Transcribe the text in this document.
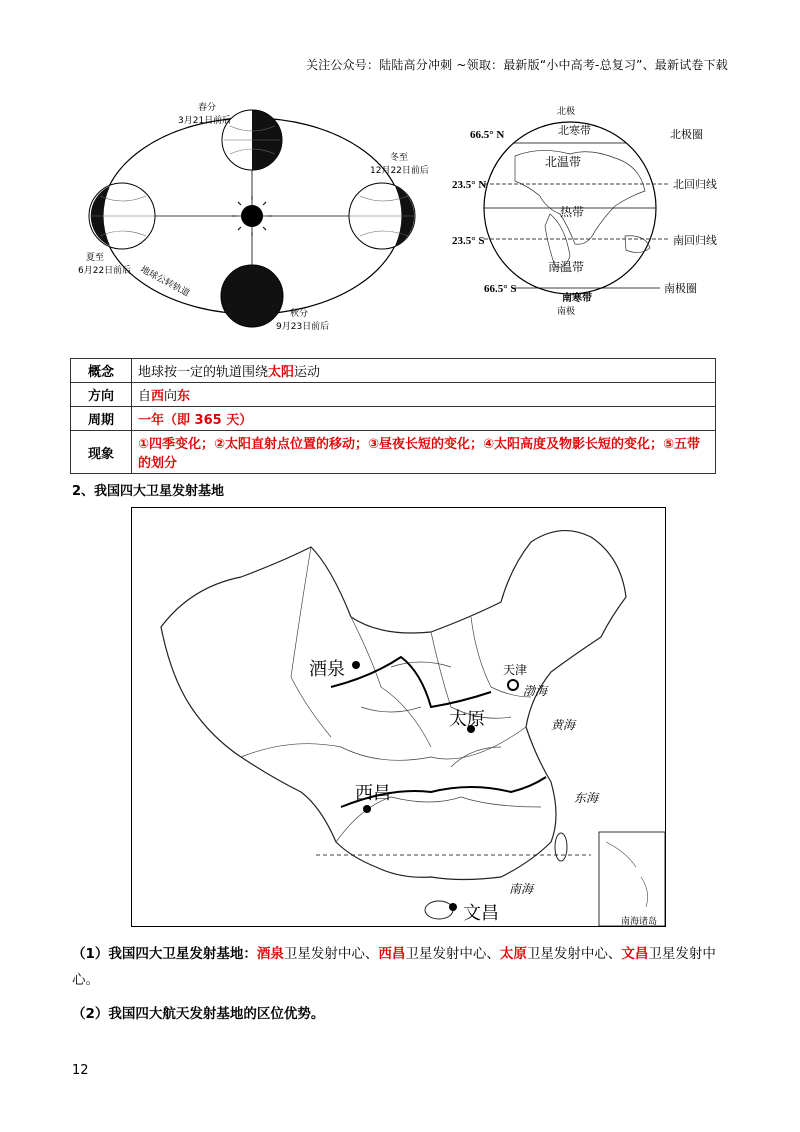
关注公众号：陆陆高分冲刺 ~领取：最新版“小中高考-总复习”、最新试卷下载
春分
3月21日前后
冬至
12月22日前后
夏至
6月22日前后
秋分
9月23日前后
地球公转轨道
北极
南极
66.5° N
23.5° N
23.5° S
66.5° S
北寒带
北温带
热带
南温带
南寒带
北极圈
北回归线
南回归线
南极圈
概念	地球按一定的轨道围绕太阳运动
方向	自西向东
周期	一年（即 365 天）
现象	①四季变化；②太阳直射点位置的移动；③昼夜长短的变化；④太阳高度及物影长短的变化；⑤五带的划分
2、我国四大卫星发射基地
南海诸岛
酒泉
太原
西昌
文昌
天津
渤海
黄海
东海
南海
（1）我国四大卫星发射基地：酒泉卫星发射中心、西昌卫星发射中心、太原卫星发射中心、文昌卫星发射中心。
（2）我国四大航天发射基地的区位优势。
12
